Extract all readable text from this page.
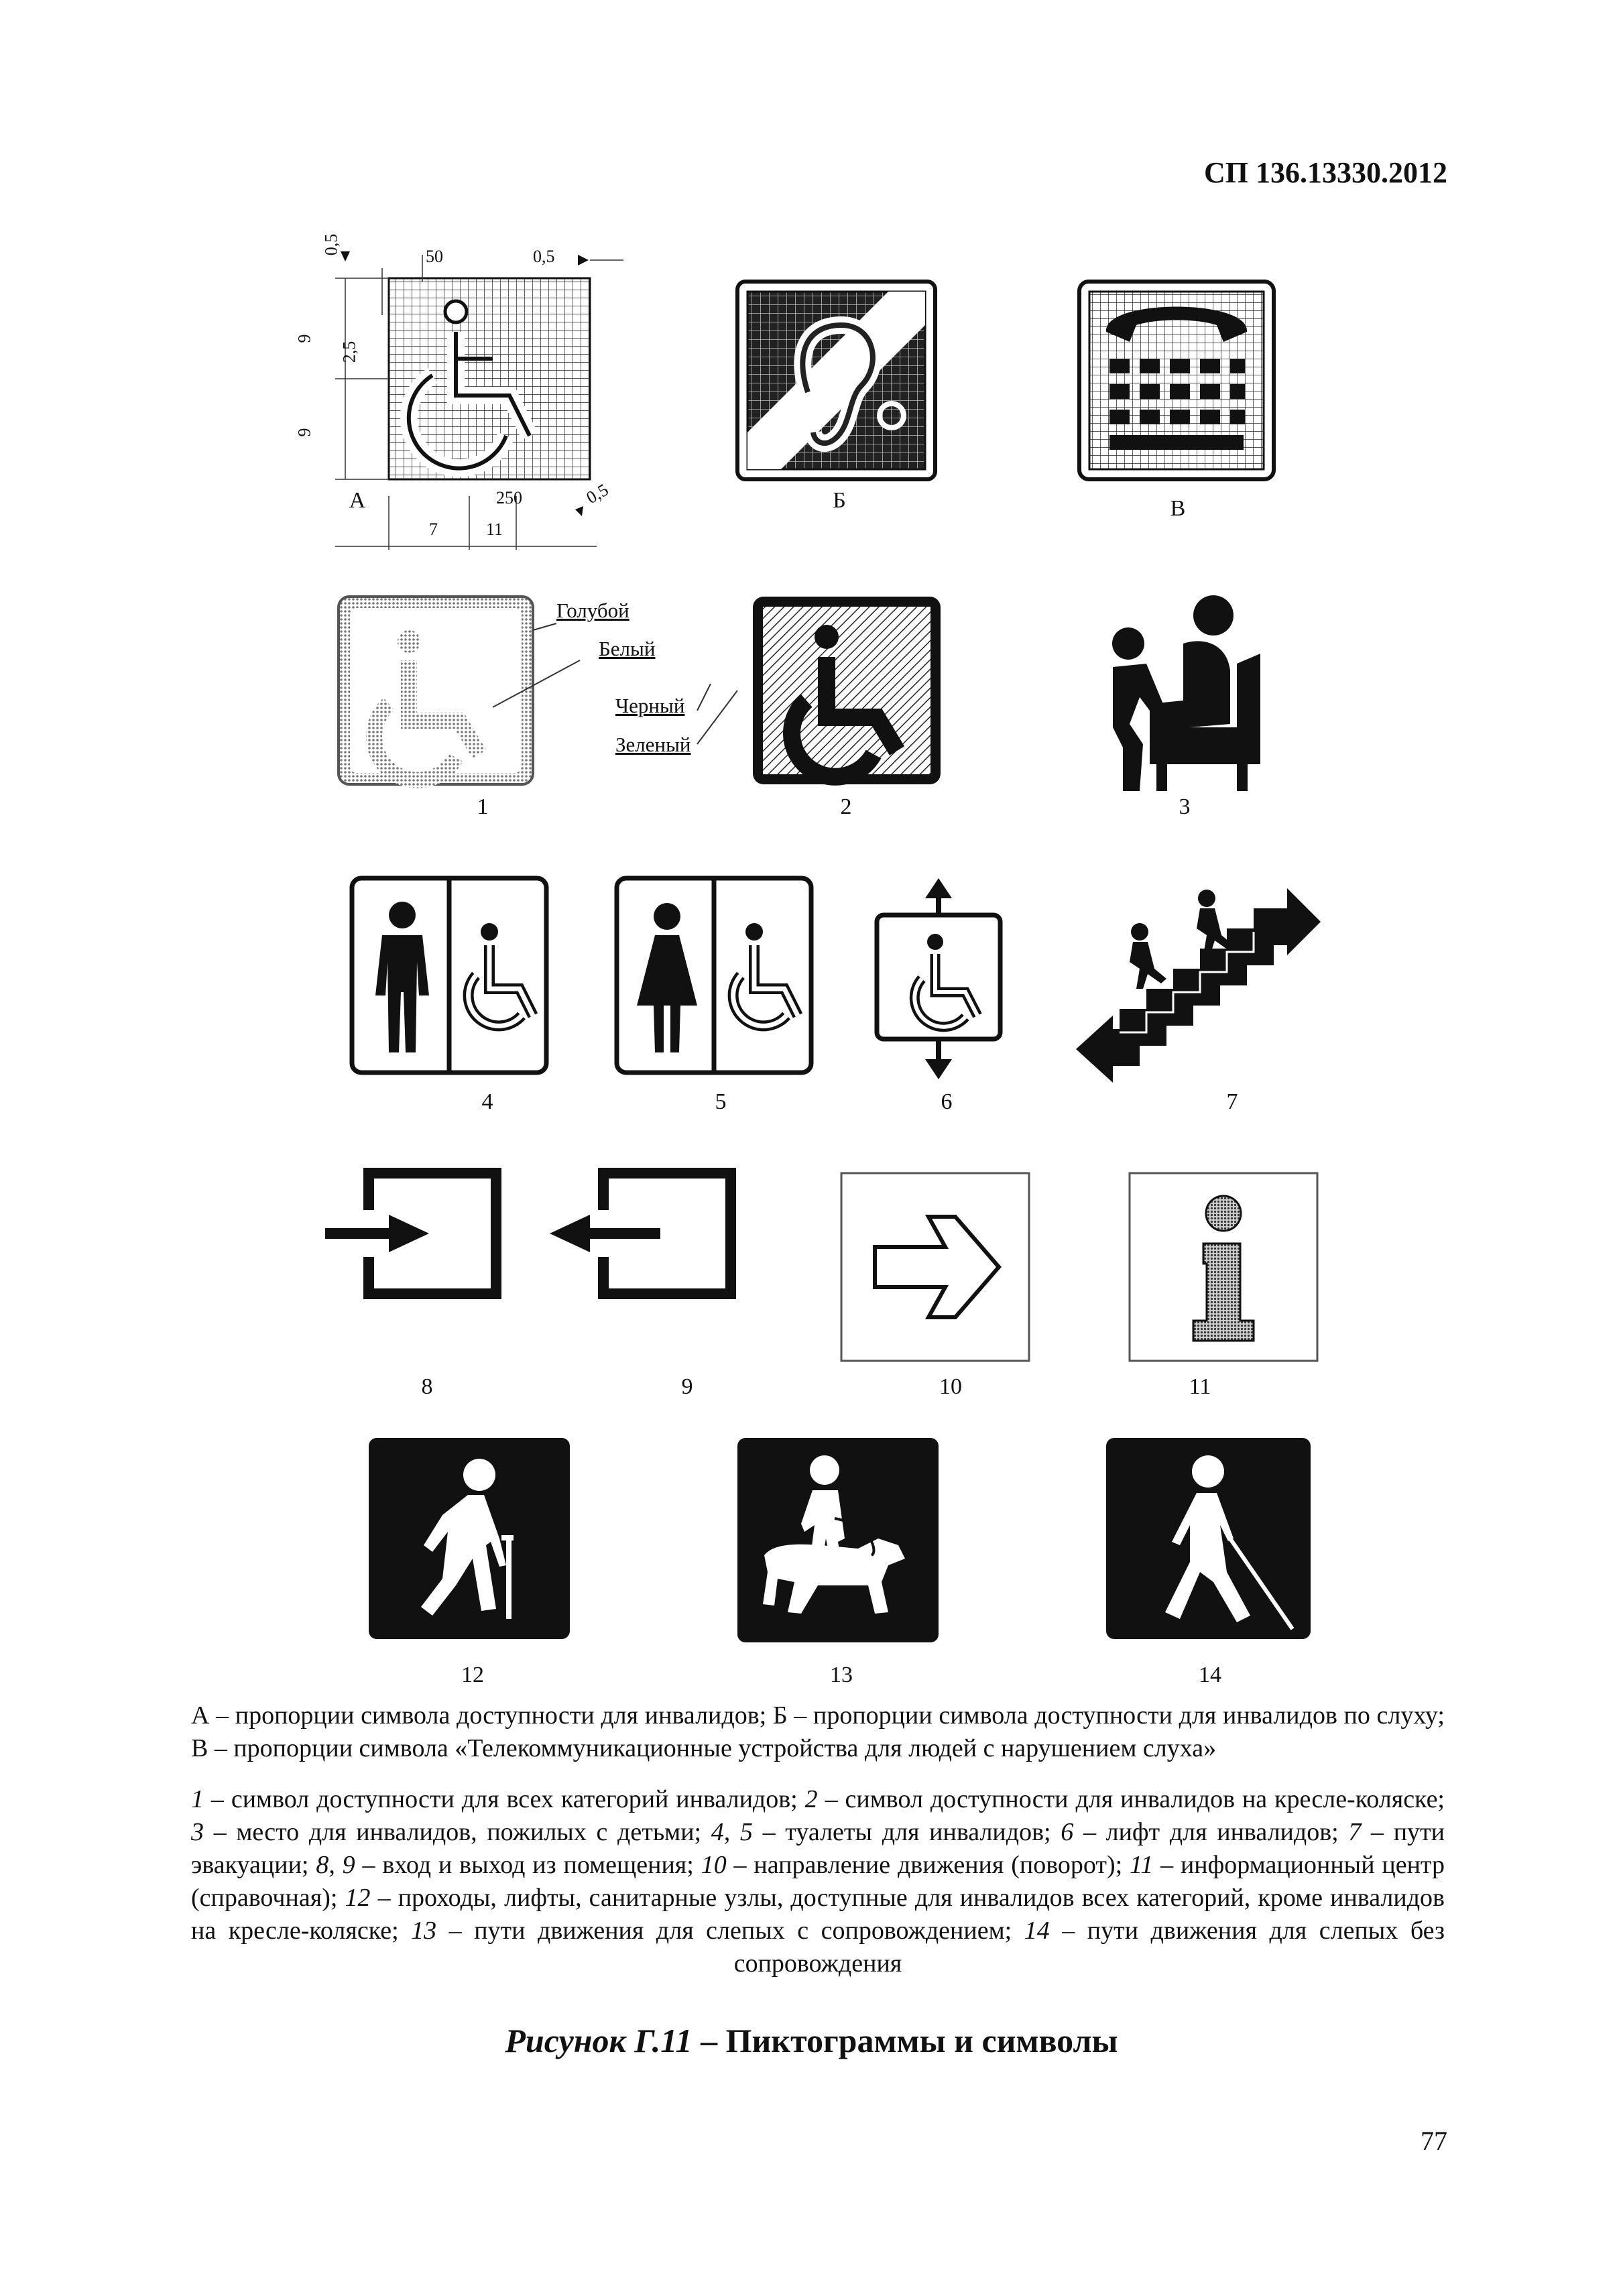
СП 136.13330.2012
0,5
50	0,5
9
2,5
9
А	250	0,5
7	11
Б	В
1
Голубой
Белый
Черный
Зеленый
2	3
4	5	6	7
8	9	10	11
12	13	14
А – пропорции символа доступности для инвалидов; Б – пропорции символа доступности для инвалидов по слуху; В – пропорции символа «Телекоммуникационные устройства для людей с нарушением слуха»
1 – символ доступности для всех категорий инвалидов; 2 – символ доступности для инвалидов на кресле-коляске; 3 – место для инвалидов, пожилых с детьми; 4, 5 – туалеты для инвалидов; 6 – лифт для инвалидов; 7 – пути эвакуации; 8, 9 – вход и выход из помещения; 10 – направление движения (поворот); 11 – информационный центр (справочная); 12 – проходы, лифты, санитарные узлы, доступные для инвалидов всех категорий, кроме инвалидов на кресле-коляске; 13 – пути движения для слепых с сопровождением; 14 – пути движения для слепых без сопровождения
Рисунок Г.11 – Пиктограммы и символы
77
